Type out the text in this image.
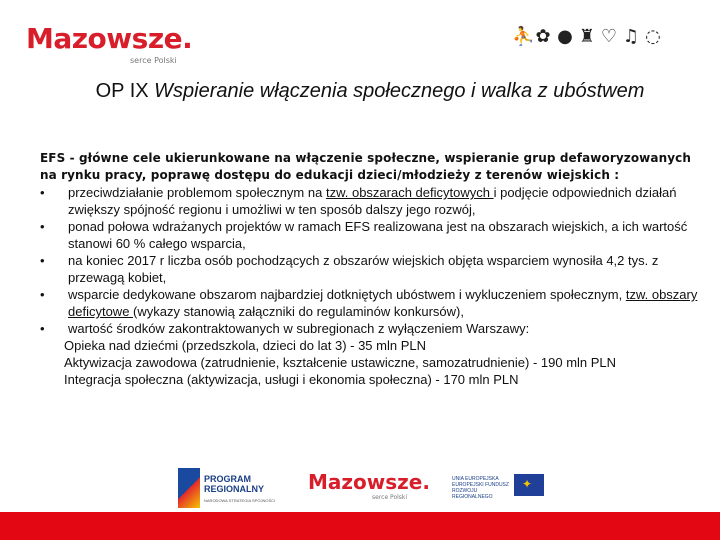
Mazowsze.
serce Polski
⛹ ✿ ● ♜ ♡ ♫ ◌
OP IX Wspieranie włączenia społecznego i walka z ubóstwem
EFS - główne cele ukierunkowane na włączenie społeczne, wspieranie grup defaworyzowanych na rynku pracy, poprawę dostępu do edukacji dzieci/młodzieży z terenów wiejskich :
• przeciwdziałanie problemom społecznym na tzw. obszarach deficytowych i podjęcie odpowiednich działań zwiększy spójność regionu i umożliwi w ten sposób dalszy jego rozwój,
• ponad połowa wdrażanych projektów w ramach EFS realizowana jest na obszarach wiejskich, a ich wartość stanowi 60 % całego wsparcia,
• na koniec 2017 r liczba osób pochodzących z obszarów wiejskich objęta wsparciem wynosiła 4,2 tys. z przewagą kobiet,
• wsparcie dedykowane obszarom najbardziej dotkniętych ubóstwem i wykluczeniem społecznym, tzw. obszary deficytowe (wykazy stanowią załączniki do regulaminów konkursów),
• wartość środków zakontraktowanych w subregionach z wyłączeniem Warszawy:
Opieka nad dziećmi (przedszkola, dzieci do lat 3) - 35 mln PLN
Aktywizacja zawodowa (zatrudnienie, kształcenie ustawiczne, samozatrudnienie) - 190 mln PLN
Integracja społeczna (aktywizacja, usługi i ekonomia społeczna) - 170 mln PLN
PROGRAM REGIONALNY
NARODOWA STRATEGIA SPÓJNOŚCI
Mazowsze.
serce Polski
UNIA EUROPEJSKA EUROPEJSKI FUNDUSZ ROZWOJU REGIONALNEGO
✦
